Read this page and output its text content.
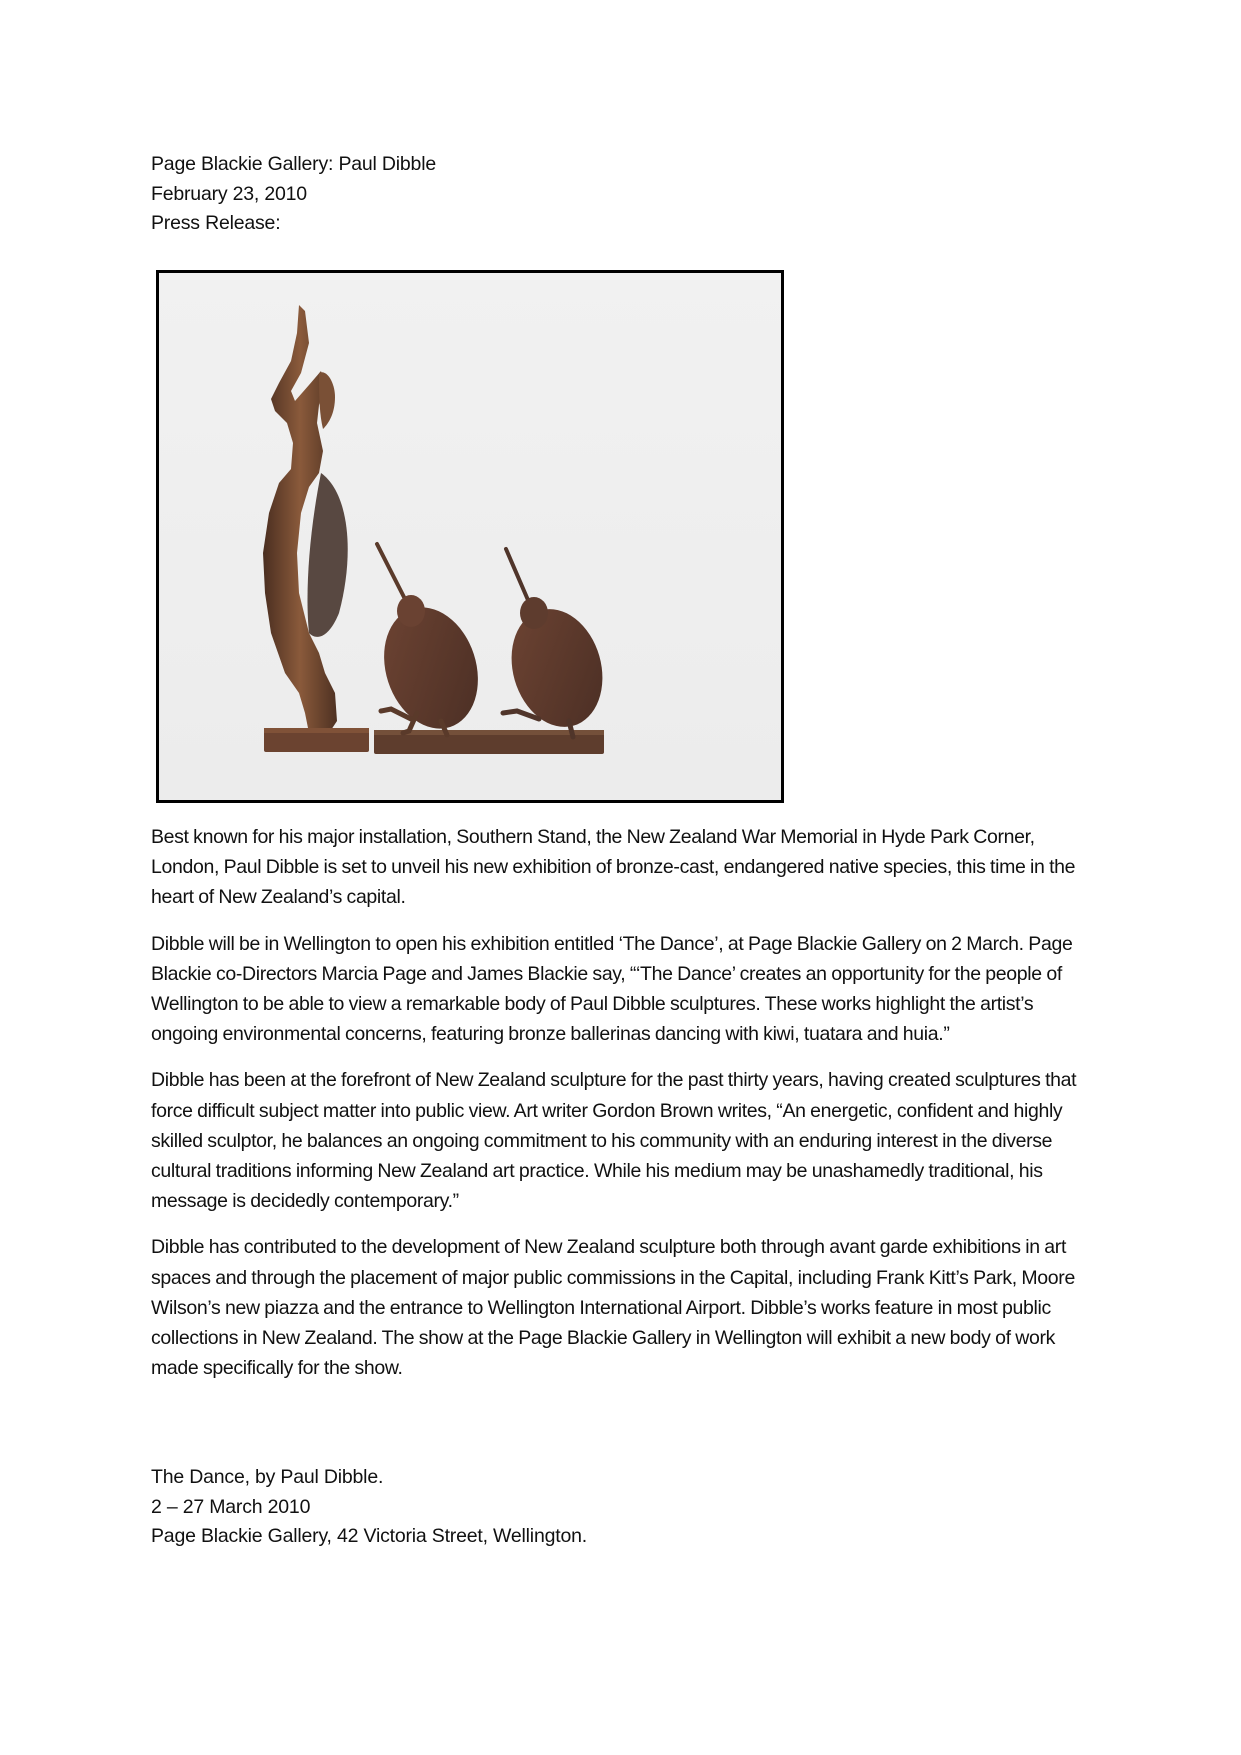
Page Blackie Gallery: Paul Dibble
February 23, 2010
Press Release:

Best known for his major installation, Southern Stand, the New Zealand War Memorial in Hyde Park Corner, London, Paul Dibble is set to unveil his new exhibition of bronze-cast, endangered native species, this time in the heart of New Zealand’s capital.

Dibble will be in Wellington to open his exhibition entitled ‘The Dance’, at Page Blackie Gallery on 2 March. Page Blackie co-Directors Marcia Page and James Blackie say, “‘The Dance’ creates an opportunity for the people of Wellington to be able to view a remarkable body of Paul Dibble sculptures. These works highlight the artist’s ongoing environmental concerns, featuring bronze ballerinas dancing with kiwi, tuatara and huia.”

Dibble has been at the forefront of New Zealand sculpture for the past thirty years, having created sculptures that force difficult subject matter into public view. Art writer Gordon Brown writes, “An energetic, confident and highly skilled sculptor, he balances an ongoing commitment to his community with an enduring interest in the diverse cultural traditions informing New Zealand art practice. While his medium may be unashamedly traditional, his message is decidedly contemporary.”

Dibble has contributed to the development of New Zealand sculpture both through avant garde exhibitions in art spaces and through the placement of major public commissions in the Capital, including Frank Kitt’s Park, Moore Wilson’s new piazza and the entrance to Wellington International Airport. Dibble’s works feature in most public collections in New Zealand. The show at the Page Blackie Gallery in Wellington will exhibit a new body of work made specifically for the show.

The Dance, by Paul Dibble.
2 – 27 March 2010
Page Blackie Gallery, 42 Victoria Street, Wellington.
